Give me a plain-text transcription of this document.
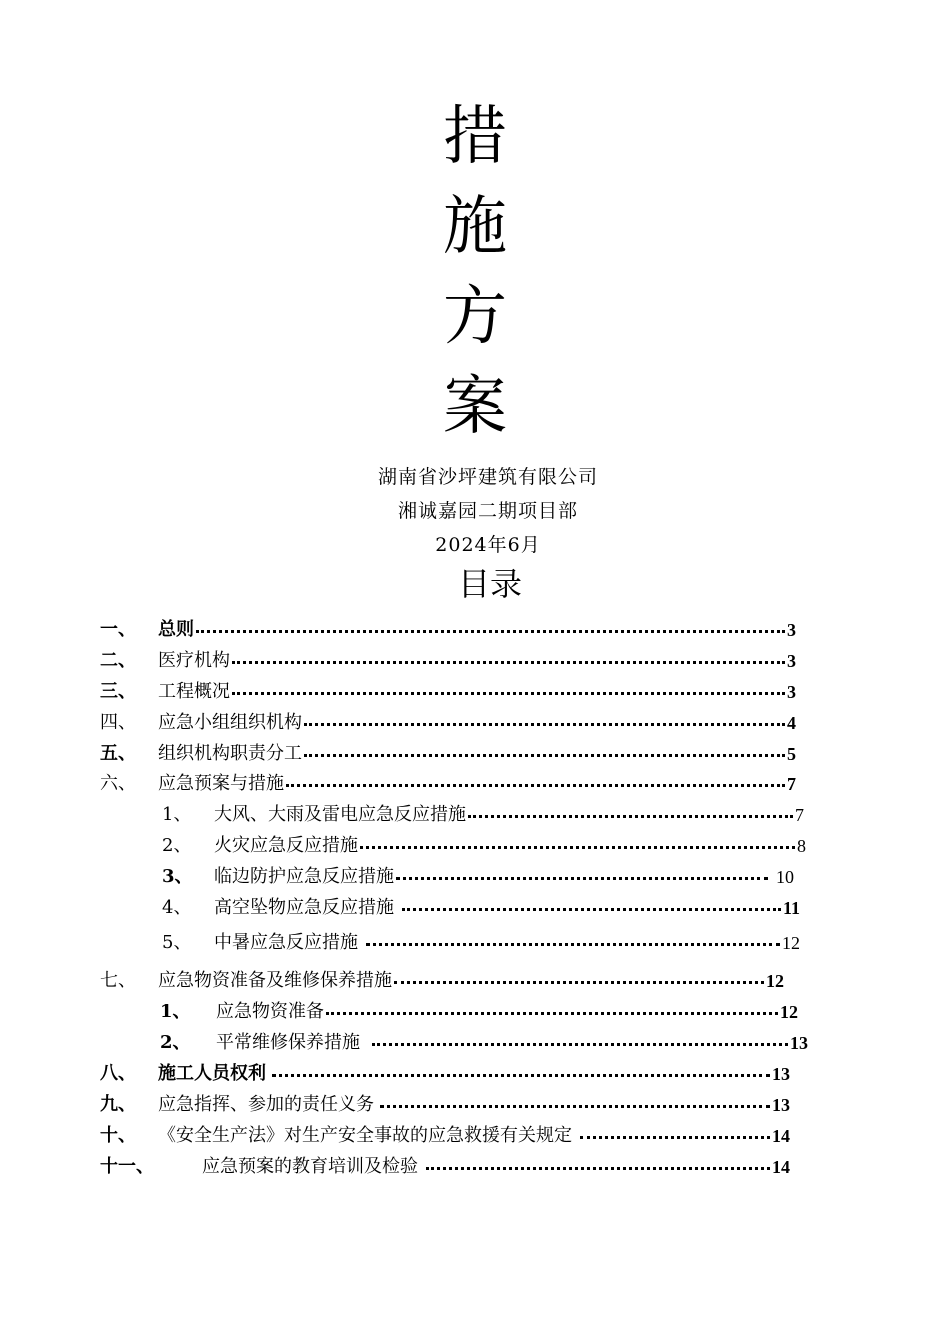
措
施
方
案
湖南省沙坪建筑有限公司
湘诚嘉园二期项目部
2024年6月
目录
一、	总则	3
二、	医疗机构	3
三、	工程概况	3
四、	应急小组组织机构	4
五、	组织机构职责分工	5
六、	应急预案与措施	7
1、	大风、大雨及雷电应急反应措施	7
2、	火灾应急反应措施	8
3、	临边防护应急反应措施	10
4、	高空坠物应急反应措施	11
5、	中暑应急反应措施	12
七、	应急物资准备及维修保养措施	12
1、	应急物资准备	12
2、	平常维修保养措施	13
八、	施工人员权利	13
九、	应急指挥、参加的责任义务	13
十、	《安全生产法》对生产安全事故的应急救援有关规定	14
十一、	应急预案的教育培训及检验	14
